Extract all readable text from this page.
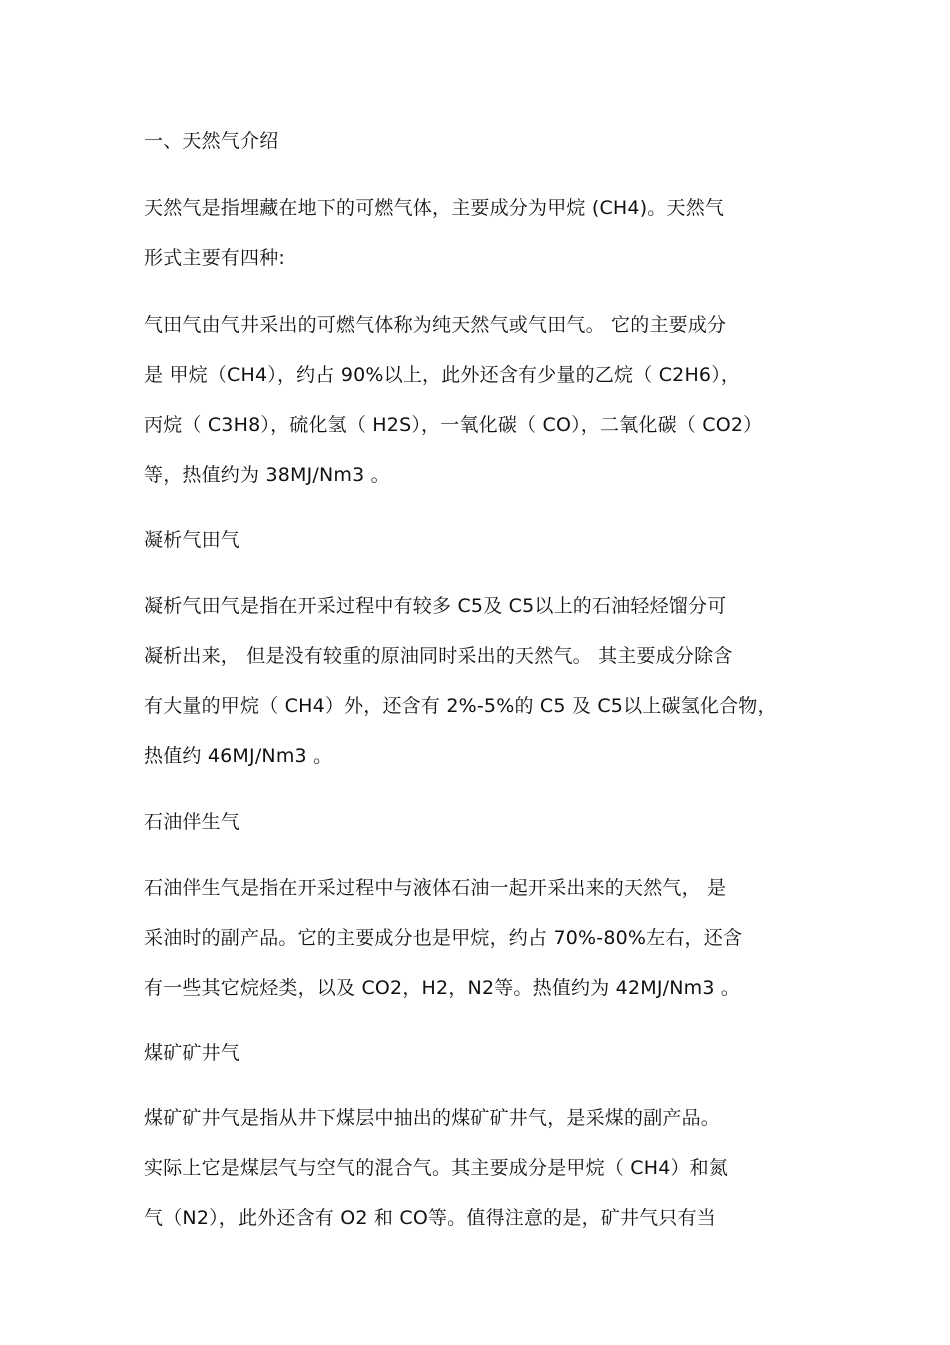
一、天然气介绍
天然气是指埋藏在地下的可燃气体，主要成分为甲烷 (CH4)。天然气
形式主要有四种:
气田气由气井采出的可燃气体称为纯天然气或气田气。 它的主要成分
是 甲烷（CH4），约占 90%以上，此外还含有少量的乙烷（ C2H6），
丙烷（ C3H8），硫化氢（ H2S），一氧化碳（ CO），二氧化碳（ CO2）
等，热值约为 38MJ/Nm3 。
凝析气田气
凝析气田气是指在开采过程中有较多 C5及 C5以上的石油轻烃馏分可
凝析出来， 但是没有较重的原油同时采出的天然气。 其主要成分除含
有大量的甲烷（ CH4）外，还含有 2%-5%的 C5 及 C5以上碳氢化合物，
热值约 46MJ/Nm3 。
石油伴生气
石油伴生气是指在开采过程中与液体石油一起开采出来的天然气， 是
采油时的副产品。它的主要成分也是甲烷，约占 70%-80%左右，还含
有一些其它烷烃类，以及 CO2，H2，N2等。热值约为 42MJ/Nm3 。
煤矿矿井气
煤矿矿井气是指从井下煤层中抽出的煤矿矿井气，是采煤的副产品。
实际上它是煤层气与空气的混合气。其主要成分是甲烷（ CH4）和氮
气（N2），此外还含有 O2 和 CO等。值得注意的是，矿井气只有当
